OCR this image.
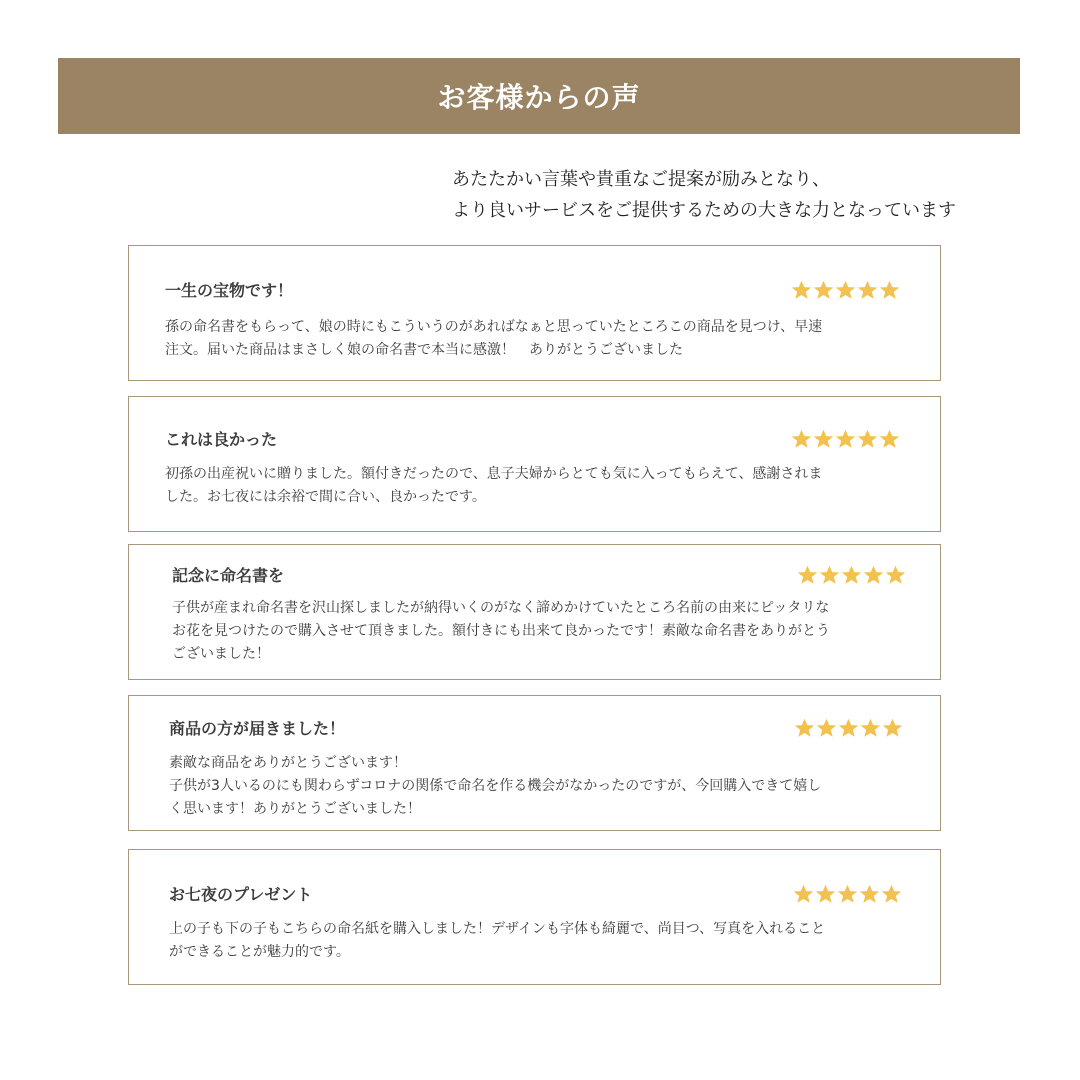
お客様からの声
あたたかい言葉や貴重なご提案が励みとなり、
より良いサービスをご提供するための大きな力となっています
一生の宝物です！
孫の命名書をもらって、娘の時にもこういうのがあればなぁと思っていたところこの商品を見つけ、早速
注文。届いた商品はまさしく娘の命名書で本当に感激！　ありがとうございました
これは良かった
初孫の出産祝いに贈りました。額付きだったので、息子夫婦からとても気に入ってもらえて、感謝されま
した。お七夜には余裕で間に合い、良かったです。
記念に命名書を
子供が産まれ命名書を沢山探しましたが納得いくのがなく諦めかけていたところ名前の由来にピッタリな
お花を見つけたので購入させて頂きました。額付きにも出来て良かったです！素敵な命名書をありがとう
ございました！
商品の方が届きました！
素敵な商品をありがとうございます！
子供が3人いるのにも関わらずコロナの関係で命名を作る機会がなかったのですが、今回購入できて嬉し
く思います！ありがとうございました！
お七夜のプレゼント
上の子も下の子もこちらの命名紙を購入しました！デザインも字体も綺麗で、尚目つ、写真を入れること
ができることが魅力的です。
